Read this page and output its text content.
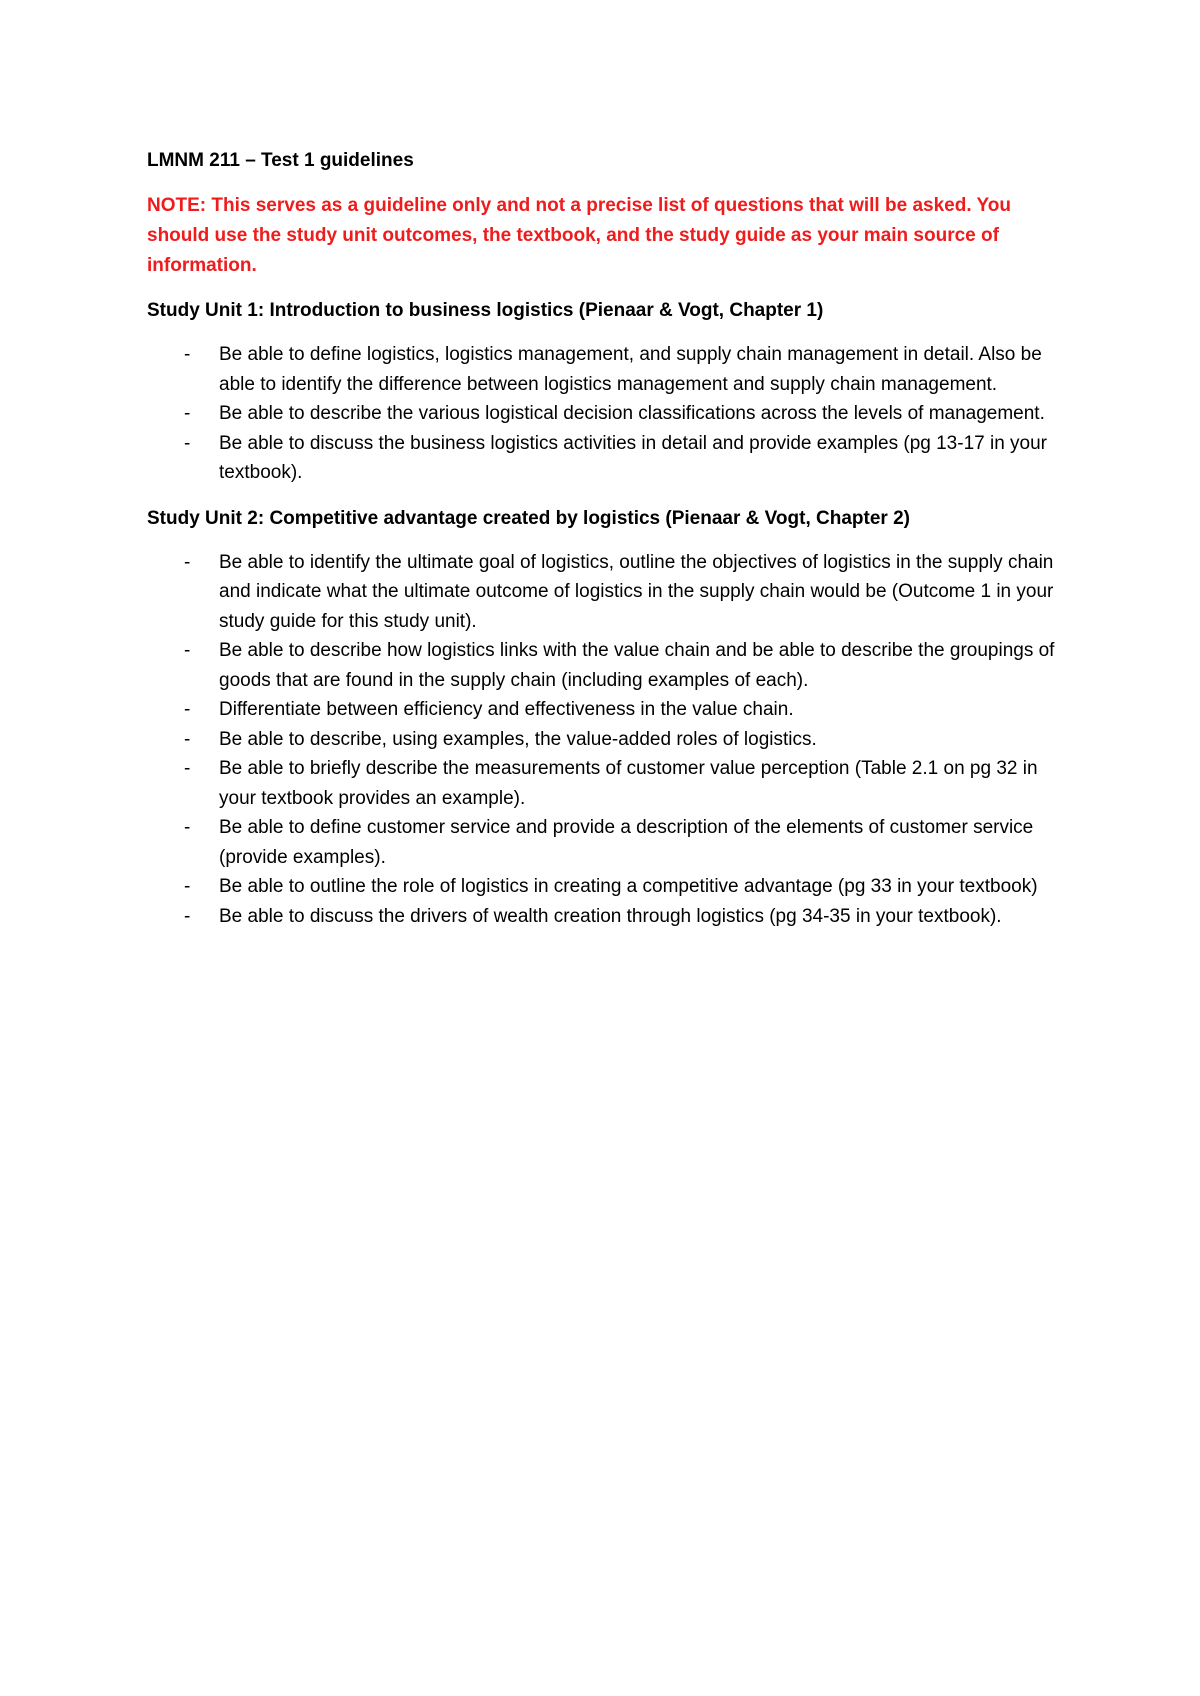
LMNM 211 – Test 1 guidelines
NOTE: This serves as a guideline only and not a precise list of questions that will be asked. You should use the study unit outcomes, the textbook, and the study guide as your main source of information.
Study Unit 1: Introduction to business logistics (Pienaar & Vogt, Chapter 1)
- Be able to define logistics, logistics management, and supply chain management in detail. Also be able to identify the difference between logistics management and supply chain management.
- Be able to describe the various logistical decision classifications across the levels of management.
- Be able to discuss the business logistics activities in detail and provide examples (pg 13-17 in your textbook).
Study Unit 2: Competitive advantage created by logistics (Pienaar & Vogt, Chapter 2)
- Be able to identify the ultimate goal of logistics, outline the objectives of logistics in the supply chain and indicate what the ultimate outcome of logistics in the supply chain would be (Outcome 1 in your study guide for this study unit).
- Be able to describe how logistics links with the value chain and be able to describe the groupings of goods that are found in the supply chain (including examples of each).
- Differentiate between efficiency and effectiveness in the value chain.
- Be able to describe, using examples, the value-added roles of logistics.
- Be able to briefly describe the measurements of customer value perception (Table 2.1 on pg 32 in your textbook provides an example).
- Be able to define customer service and provide a description of the elements of customer service (provide examples).
- Be able to outline the role of logistics in creating a competitive advantage (pg 33 in your textbook)
- Be able to discuss the drivers of wealth creation through logistics (pg 34-35 in your textbook).
